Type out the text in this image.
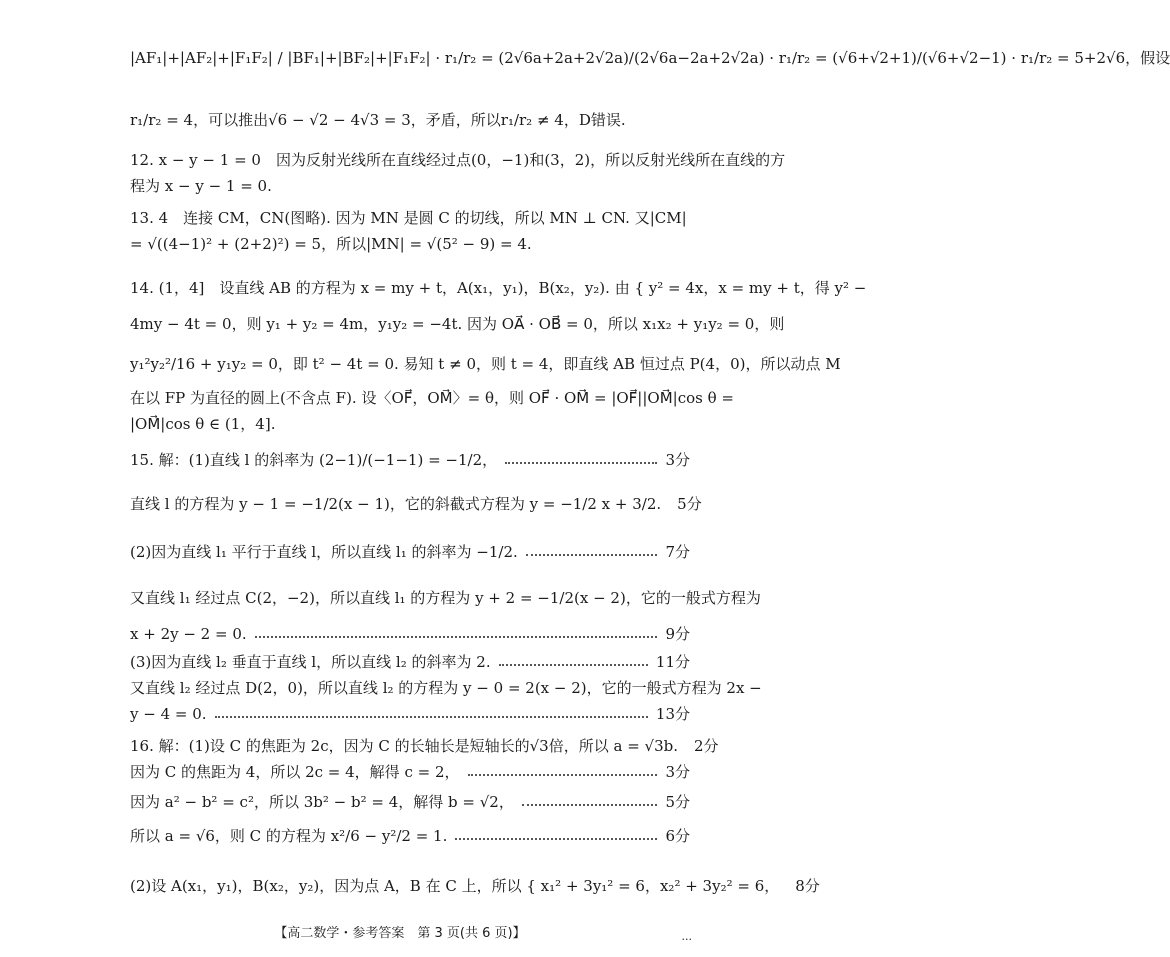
|AF₁|+|AF₂|+|F₁F₂| / |BF₁|+|BF₂|+|F₁F₂| · r₁/r₂ = (2√6a+2a+2√2a)/(2√6a−2a+2√2a) · r₁/r₂ = (√6+√2+1)/(√6+√2−1) · r₁/r₂ = 5+2√6，假设
r₁/r₂ = 4，可以推出√6 − √2 − 4√3 = 3，矛盾，所以r₁/r₂ ≠ 4，D错误.
12. x − y − 1 = 0　因为反射光线所在直线经过点(0，−1)和(3，2)，所以反射光线所在直线的方
程为 x − y − 1 = 0.
13. 4　连接 CM，CN(图略). 因为 MN 是圆 C 的切线，所以 MN ⊥ CN. 又|CM|
= √((4−1)² + (2+2)²) = 5，所以|MN| = √(5² − 9) = 4.
14. (1，4]　设直线 AB 的方程为 x = my + t，A(x₁，y₁)，B(x₂，y₂). 由 { y² = 4x，x = my + t，得 y² −
4my − 4t = 0，则 y₁ + y₂ = 4m，y₁y₂ = −4t. 因为 OA⃗ · OB⃗ = 0，所以 x₁x₂ + y₁y₂ = 0，则
y₁²y₂²/16 + y₁y₂ = 0，即 t² − 4t = 0. 易知 t ≠ 0，则 t = 4，即直线 AB 恒过点 P(4，0)，所以动点 M
在以 FP 为直径的圆上(不含点 F). 设〈OF⃗，OM⃗〉= θ，则 OF⃗ · OM⃗ = |OF⃗||OM⃗|cos θ =
|OM⃗|cos θ ∈ (1，4].
15. 解：(1)直线 l 的斜率为 (2−1)/(−1−1) = −1/2，	3分
直线 l 的方程为 y − 1 = −1/2(x − 1)，它的斜截式方程为 y = −1/2 x + 3/2. 5分
(2)因为直线 l₁ 平行于直线 l，所以直线 l₁ 的斜率为 −1/2.	7分
又直线 l₁ 经过点 C(2，−2)，所以直线 l₁ 的方程为 y + 2 = −1/2(x − 2)，它的一般式方程为
x + 2y − 2 = 0.	9分
(3)因为直线 l₂ 垂直于直线 l，所以直线 l₂ 的斜率为 2.	11分
又直线 l₂ 经过点 D(2，0)，所以直线 l₂ 的方程为 y − 0 = 2(x − 2)，它的一般式方程为 2x −
y − 4 = 0.	13分
16. 解：(1)设 C 的焦距为 2c，因为 C 的长轴长是短轴长的√3倍，所以 a = √3b. 2分
因为 C 的焦距为 4，所以 2c = 4，解得 c = 2，	3分
因为 a² − b² = c²，所以 3b² − b² = 4，解得 b = √2，	5分
所以 a = √6，则 C 的方程为 x²/6 − y²/2 = 1.	6分
(2)设 A(x₁，y₁)，B(x₂，y₂)，因为点 A，B 在 C 上，所以 { x₁² + 3y₁² = 6，x₂² + 3y₂² = 6， 8分
【高二数学・参考答案　第 3 页(共 6 页)】	...
